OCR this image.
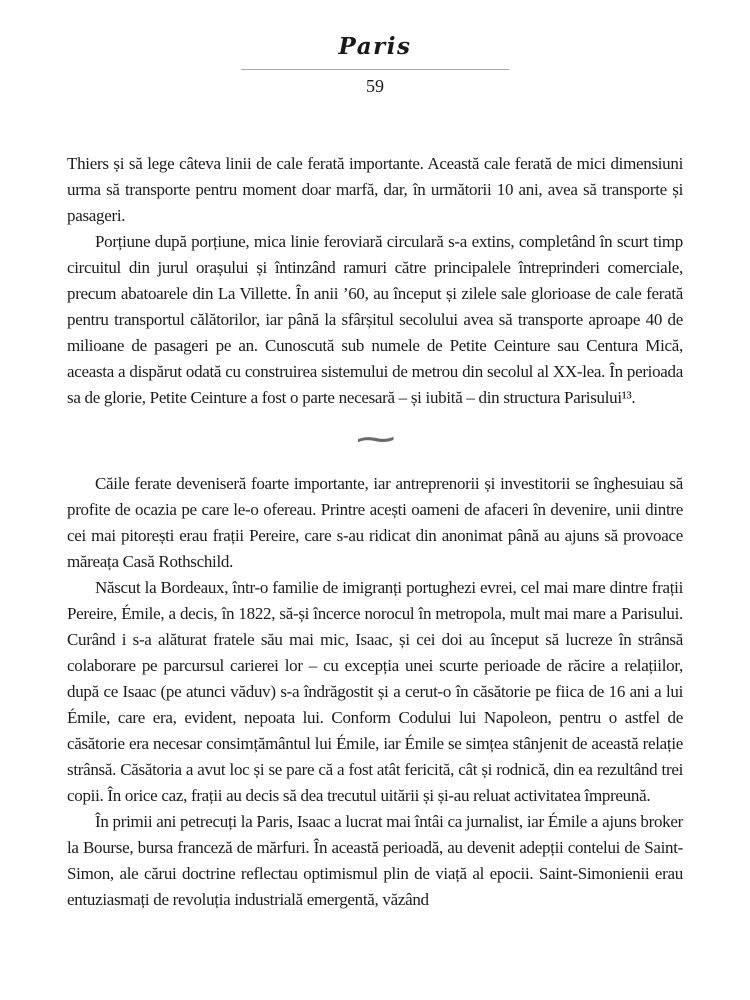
Paris
59

Thiers și să lege câteva linii de cale ferată importante. Această cale ferată de mici dimensiuni urma să transporte pentru moment doar marfă, dar, în următorii 10 ani, avea să transporte și pasageri.

Porțiune după porțiune, mica linie feroviară circulară s-a extins, completând în scurt timp circuitul din jurul orașului și întinzând ramuri către principalele întreprinderi comerciale, precum abatoarele din La Villette. În anii ’60, au început și zilele sale glorioase de cale ferată pentru transportul călătorilor, iar până la sfârșitul secolului avea să transporte aproape 40 de milioane de pasageri pe an. Cunoscută sub numele de Petite Ceinture sau Centura Mică, aceasta a dispărut odată cu construirea sistemului de metrou din secolul al XX-lea. În perioada sa de glorie, Petite Ceinture a fost o parte necesară – și iubită – din structura Parisului¹³.

∼

Căile ferate deveniseră foarte importante, iar antreprenorii și investitorii se înghesuiau să profite de ocazia pe care le-o ofereau. Printre acești oameni de afaceri în devenire, unii dintre cei mai pitorești erau frații Pereire, care s-au ridicat din anonimat până au ajuns să provoace măreața Casă Rothschild.

Născut la Bordeaux, într-o familie de imigranți portughezi evrei, cel mai mare dintre frații Pereire, Émile, a decis, în 1822, să-și încerce norocul în metropola, mult mai mare a Parisului. Curând i s-a alăturat fratele său mai mic, Isaac, și cei doi au început să lucreze în strânsă colaborare pe parcursul carierei lor – cu excepția unei scurte perioade de răcire a relațiilor, după ce Isaac (pe atunci văduv) s-a îndrăgostit și a cerut-o în căsătorie pe fiica de 16 ani a lui Émile, care era, evident, nepoata lui. Conform Codului lui Napoleon, pentru o astfel de căsătorie era necesar consimțământul lui Émile, iar Émile se simțea stânjenit de această relație strânsă. Căsătoria a avut loc și se pare că a fost atât fericită, cât și rodnică, din ea rezultând trei copii. În orice caz, frații au decis să dea trecutul uitării și și-au reluat activitatea împreună.

În primii ani petrecuți la Paris, Isaac a lucrat mai întâi ca jurnalist, iar Émile a ajuns broker la Bourse, bursa franceză de mărfuri. În această perioadă, au devenit adepții contelui de Saint-Simon, ale cărui doctrine reflectau optimismul plin de viață al epocii. Saint-Simonienii erau entuziasmați de revoluția industrială emergentă, văzând
